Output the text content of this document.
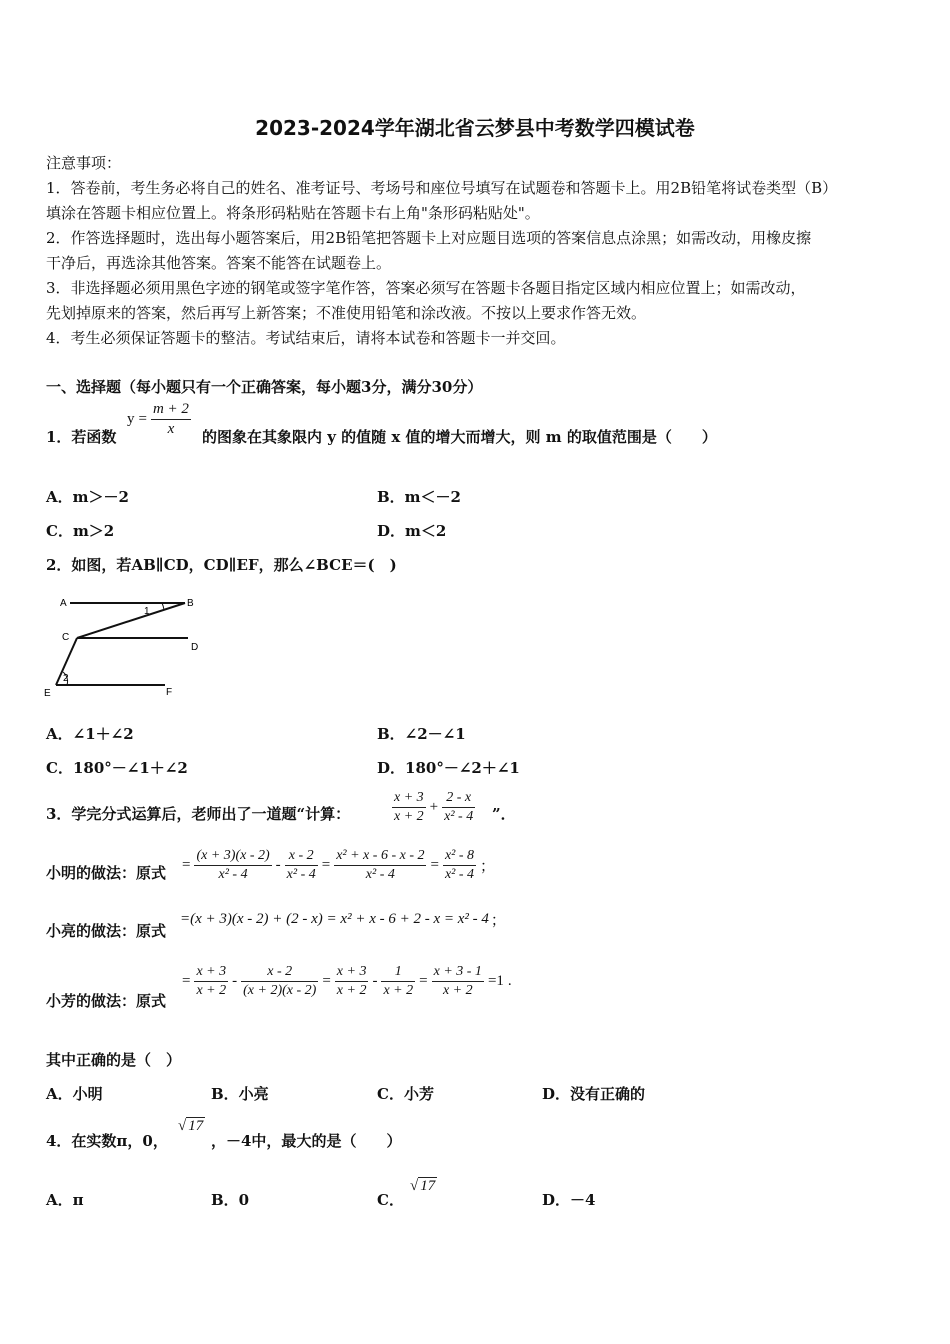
2023-2024学年湖北省云梦县中考数学四模试卷
注意事项：
1．答卷前，考生务必将自己的姓名、准考证号、考场号和座位号填写在试题卷和答题卡上。用2B铅笔将试卷类型（B）
填涂在答题卡相应位置上。将条形码粘贴在答题卡右上角"条形码粘贴处"。
2．作答选择题时，选出每小题答案后，用2B铅笔把答题卡上对应题目选项的答案信息点涂黑；如需改动，用橡皮擦
干净后，再选涂其他答案。答案不能答在试题卷上。
3．非选择题必须用黑色字迹的钢笔或签字笔作答，答案必须写在答题卡各题目指定区域内相应位置上；如需改动，
先划掉原来的答案，然后再写上新答案；不准使用铅笔和涂改液。不按以上要求作答无效。
4．考生必须保证答题卡的整洁。考试结束后，请将本试卷和答题卡一并交回。
一、选择题（每小题只有一个正确答案，每小题3分，满分30分）
1．若函数
$y = \frac{m + 2}{x}$ 的图象在其象限内 y 的值随 x 值的增大而增大，则 m 的取值范围是（　　）
A．m＞－2	B．m＜－2
C．m＞2	D．m＜2
2．如图，若AB∥CD，CD∥EF，那么∠BCE＝(　)
A	B
C
D
E	F
1
2
A．∠1＋∠2	B．∠2－∠1
C．180°－∠1＋∠2	D．180°－∠2＋∠1
3．学完分式运算后，老师出了一道题“计算：	$\frac{x + 3}{x + 2} + \frac{2 - x}{\text{x² - 4}}$ ”．
小明的做法：原式 = $\frac{(x + 3)(x - 2)}{\text{x² - 4}} - \frac{x - 2}{\text{x² - 4}} = \frac{\text{x² + x - 6 - x - 2}}{\text{x² - 4}} = \frac{\text{x² - 8}}{\text{x² - 4}}$ ；
小亮的做法：原式
=(x + 3)(x - 2) + (2 - x) = x² + x - 6 + 2 - x = x² - 4 ；
小芳的做法：原式
= $\frac{x + 3}{x + 2} - \frac{x - 2}{(x + 2)(x - 2)} = \frac{x + 3}{x + 2} - \frac{1}{x + 2} = \frac{x + 3 - 1}{x + 2} =1$ .
其中正确的是（　）
A．小明	B．小亮	C．小芳	D．没有正确的
4．在实数π，0，
√ 17
，－4中，最大的是（　　）
A．π	B．0	C．
√ 17
D．－4
